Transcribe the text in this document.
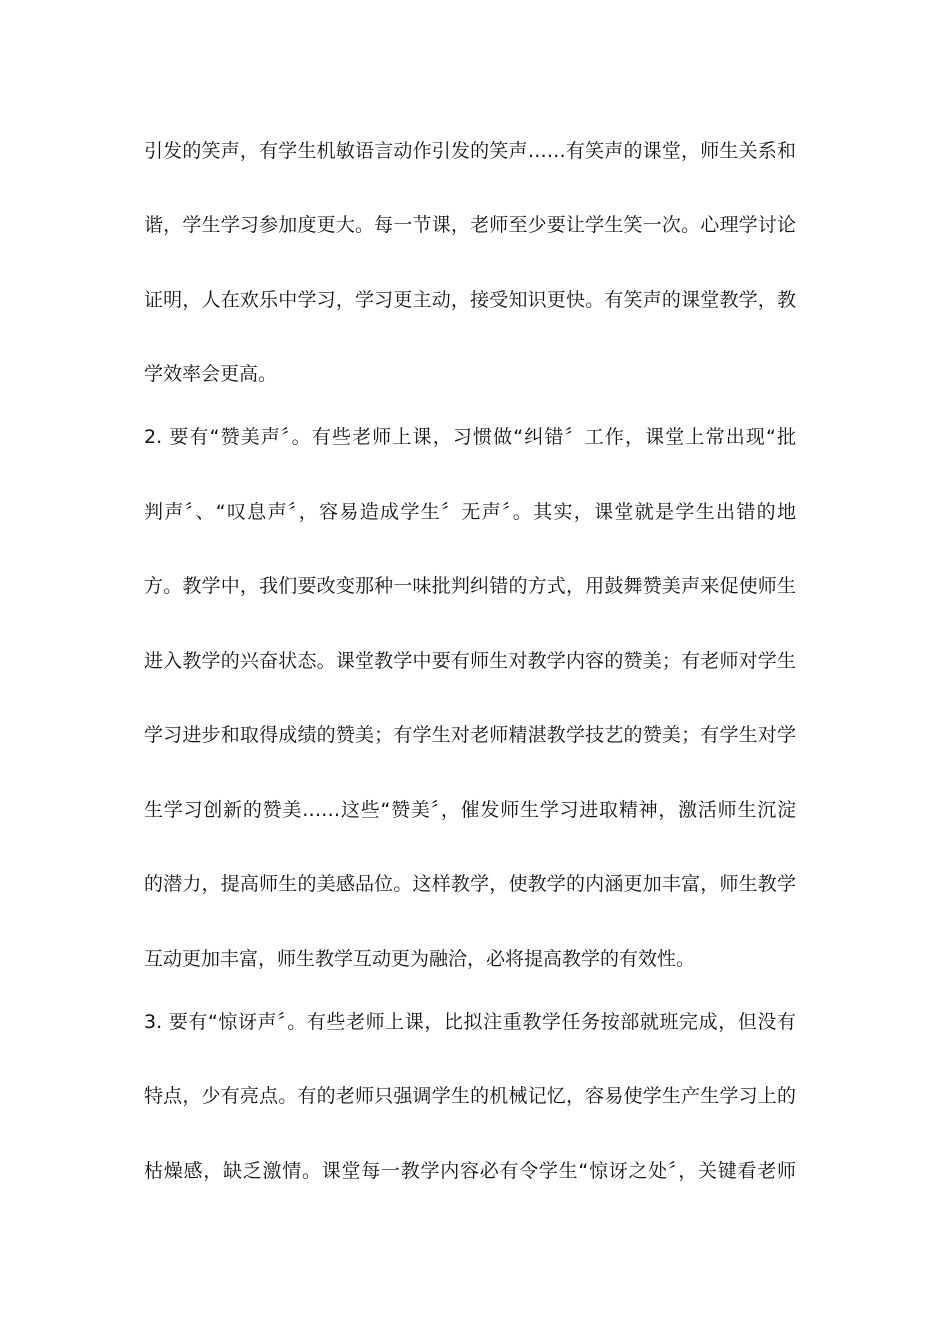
引发的笑声，有学生机敏语言动作引发的笑声……有笑声的课堂，师生关系和
谐，学生学习参加度更大。每一节课，老师至少要让学生笑一次。心理学讨论
证明，人在欢乐中学习，学习更主动，接受知识更快。有笑声的课堂教学，教
学效率会更高。
2. 要有“赞美声〞。有些老师上课，习惯做“纠错〞工作，课堂上常出现“批
判声〞、“叹息声〞，容易造成学生〞无声〞。其实，课堂就是学生出错的地
方。教学中，我们要改变那种一味批判纠错的方式，用鼓舞赞美声来促使师生
进入教学的兴奋状态。课堂教学中要有师生对教学内容的赞美；有老师对学生
学习进步和取得成绩的赞美；有学生对老师精湛教学技艺的赞美；有学生对学
生学习创新的赞美……这些“赞美〞，催发师生学习进取精神，激活师生沉淀
的潜力，提高师生的美感品位。这样教学，使教学的内涵更加丰富，师生教学
互动更加丰富，师生教学互动更为融洽，必将提高教学的有效性。
3. 要有“惊讶声〞。有些老师上课，比拟注重教学任务按部就班完成，但没有
特点，少有亮点。有的老师只强调学生的机械记忆，容易使学生产生学习上的
枯燥感，缺乏激情。课堂每一教学内容必有令学生“惊讶之处〞，关键看老师
